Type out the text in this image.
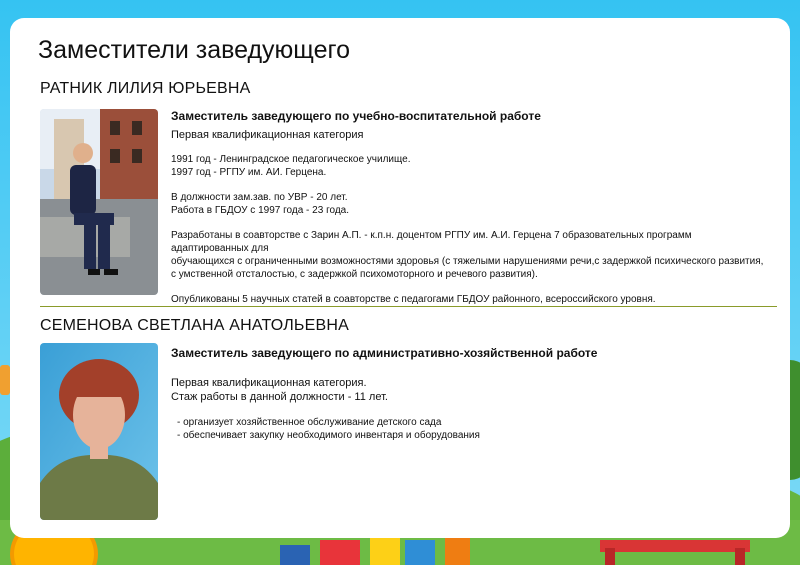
Заместители заведующего
РАТНИК ЛИЛИЯ ЮРЬЕВНА

Заместитель заведующего по учебно-воспитательной работе

Первая квалификационная категория

1991 год - Ленинградское педагогическое училище.

1997 год - РГПУ им. АИ. Герцена.

В должности зам.зав. по УВР - 20 лет.

Работа в ГБДОУ с 1997 года - 23 года.

Разработаны в соавторстве с Зарин А.П. - к.п.н. доцентом РГПУ им. А.И. Герцена 7 образовательных программ адаптированных для

обучающихся с ограниченными возможностями здоровья (с тяжелыми нарушениями речи,с задержкой психического развития,

с умственной отсталостью, с задержкой психомоторного и речевого развития).

Опубликованы 5 научных статей в соавторстве с педагогами ГБДОУ районного, всероссийского уровня.

СЕМЕНОВА СВЕТЛАНА АНАТОЛЬЕВНА

Заместитель заведующего по административно-хозяйственной работе

Первая квалификационная категория.

Стаж работы в данной должности - 11 лет.

- организует хозяйственное обслуживание детского сада

- обеспечивает закупку необходимого инвентаря и оборудования
